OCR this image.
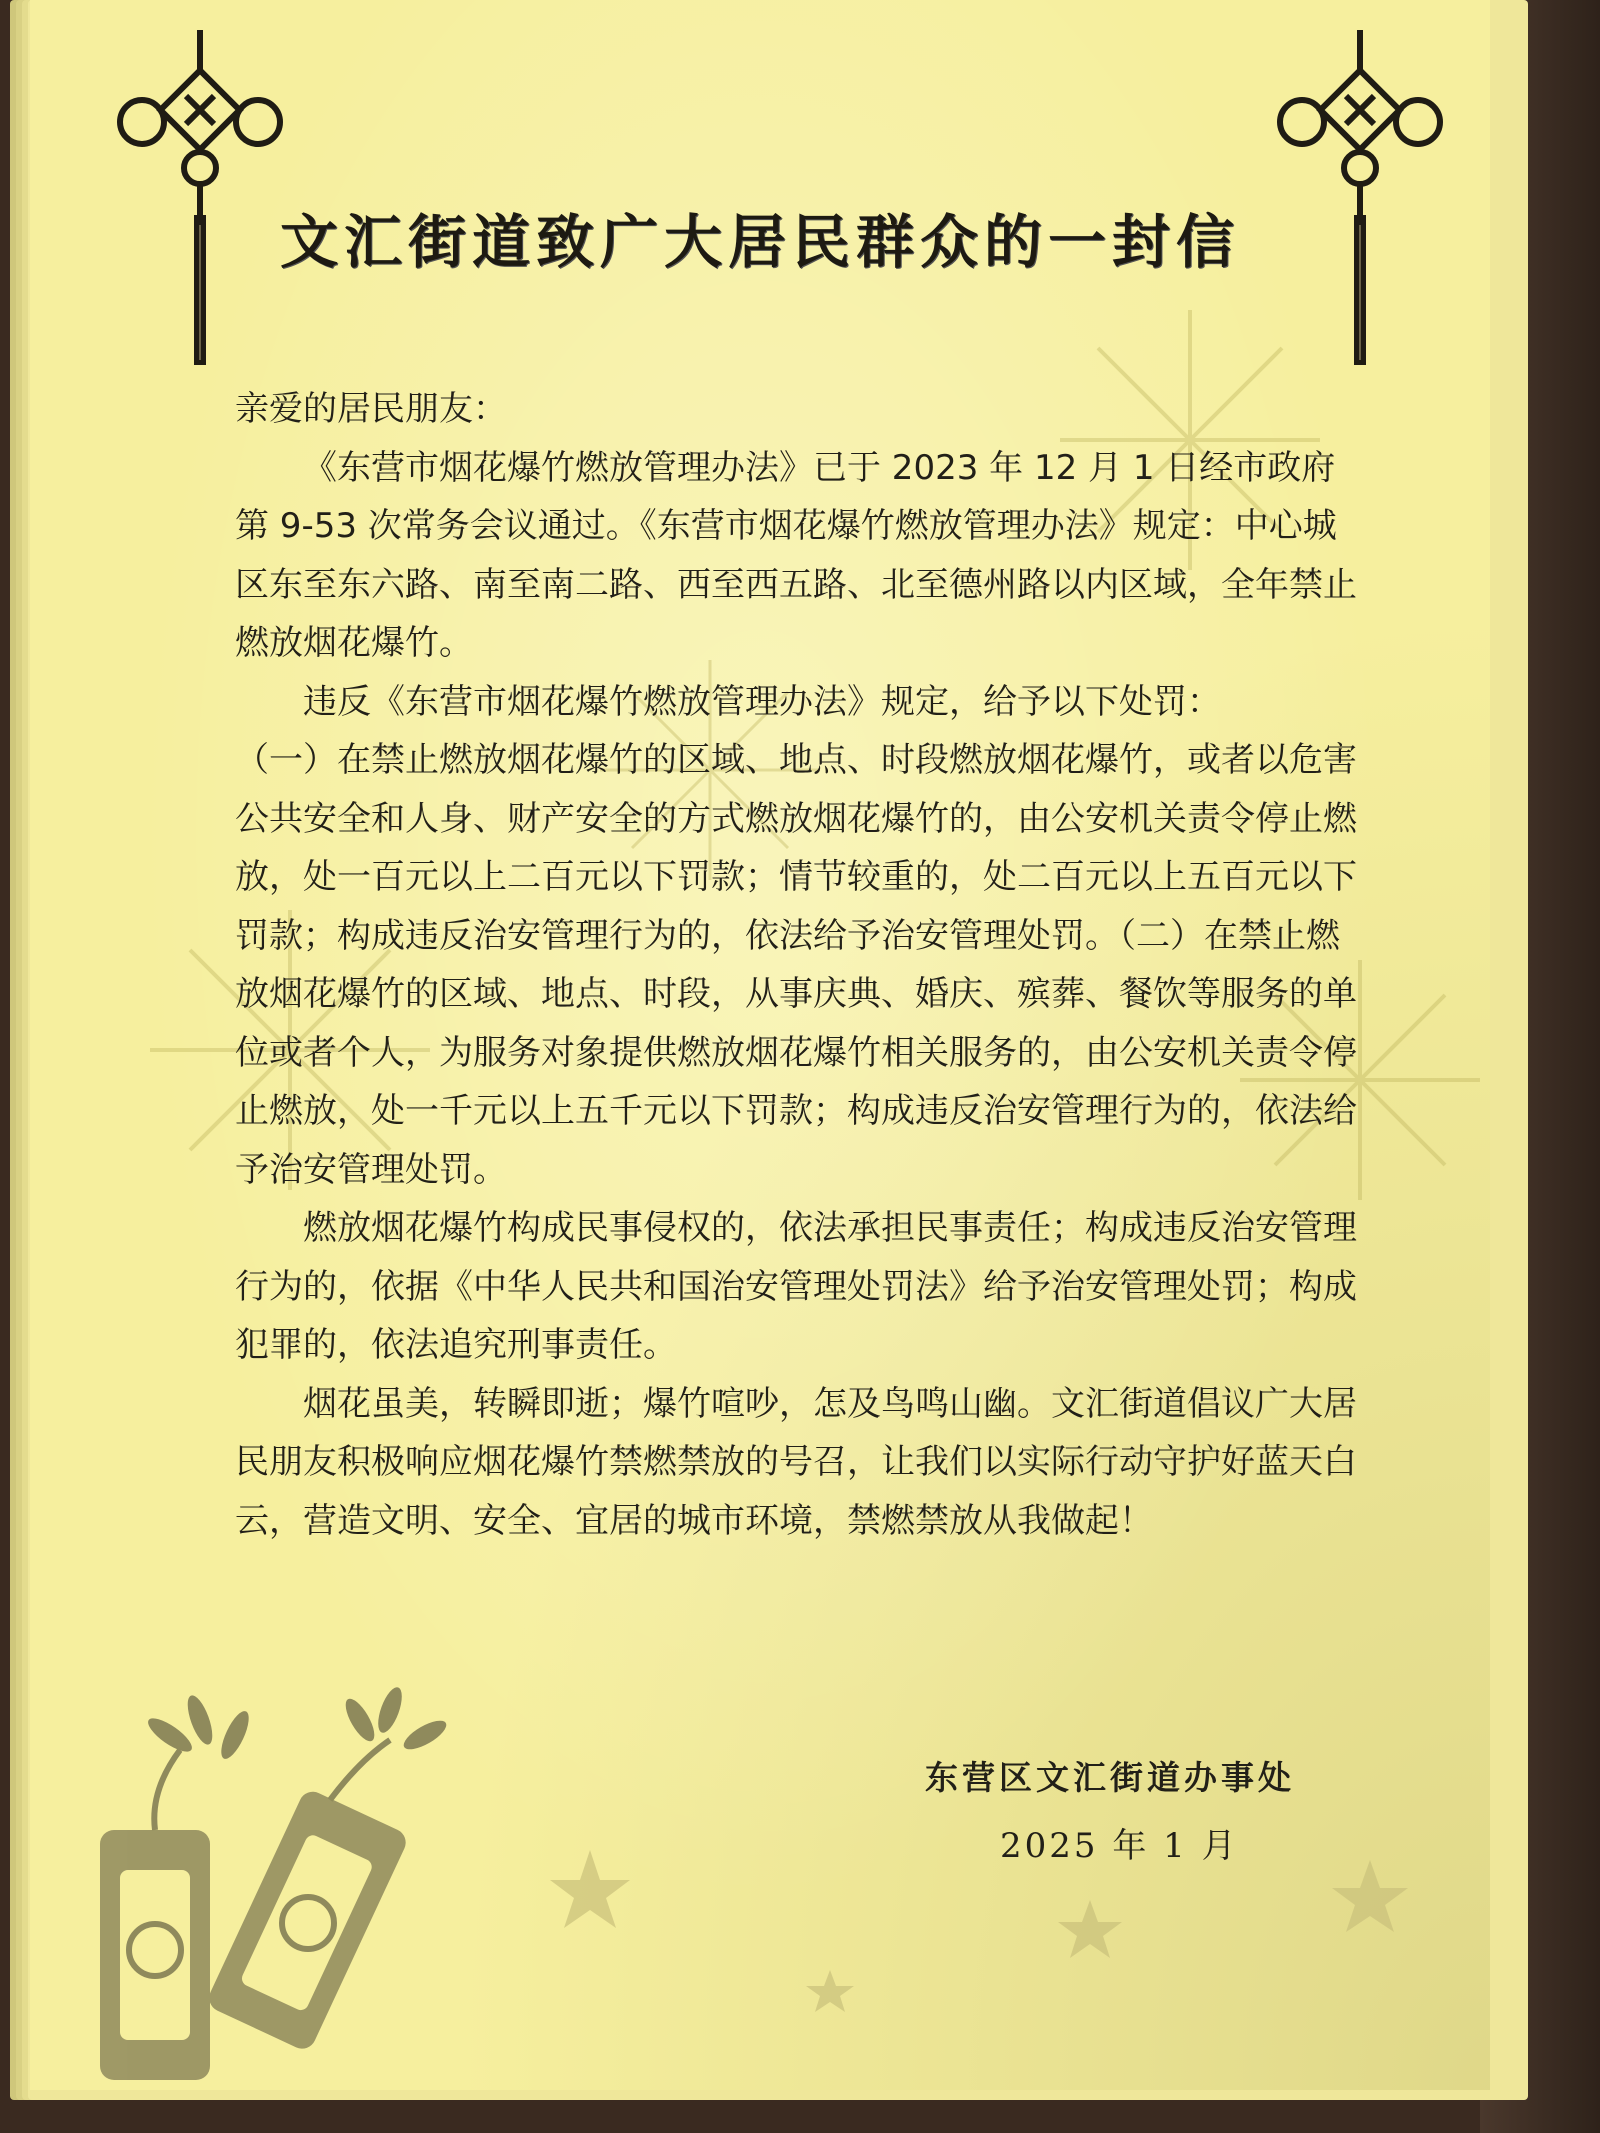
文汇街道致广大居民群众的一封信

亲爱的居民朋友：

《东营市烟花爆竹燃放管理办法》已于 2023 年 12 月 1 日经市政府第 9-53 次常务会议通过。《东营市烟花爆竹燃放管理办法》规定：中心城区东至东六路、南至南二路、西至西五路、北至德州路以内区域，全年禁止燃放烟花爆竹。

违反《东营市烟花爆竹燃放管理办法》规定，给予以下处罚：

（一）在禁止燃放烟花爆竹的区域、地点、时段燃放烟花爆竹，或者以危害公共安全和人身、财产安全的方式燃放烟花爆竹的，由公安机关责令停止燃放，处一百元以上二百元以下罚款；情节较重的，处二百元以上五百元以下罚款；构成违反治安管理行为的，依法给予治安管理处罚。（二）在禁止燃放烟花爆竹的区域、地点、时段，从事庆典、婚庆、殡葬、餐饮等服务的单位或者个人，为服务对象提供燃放烟花爆竹相关服务的，由公安机关责令停止燃放，处一千元以上五千元以下罚款；构成违反治安管理行为的，依法给予治安管理处罚。

燃放烟花爆竹构成民事侵权的，依法承担民事责任；构成违反治安管理行为的，依据《中华人民共和国治安管理处罚法》给予治安管理处罚；构成犯罪的，依法追究刑事责任。

烟花虽美，转瞬即逝；爆竹喧吵，怎及鸟鸣山幽。文汇街道倡议广大居民朋友积极响应烟花爆竹禁燃禁放的号召，让我们以实际行动守护好蓝天白云，营造文明、安全、宜居的城市环境，禁燃禁放从我做起！

东营区文汇街道办事处
2025 年 1 月
